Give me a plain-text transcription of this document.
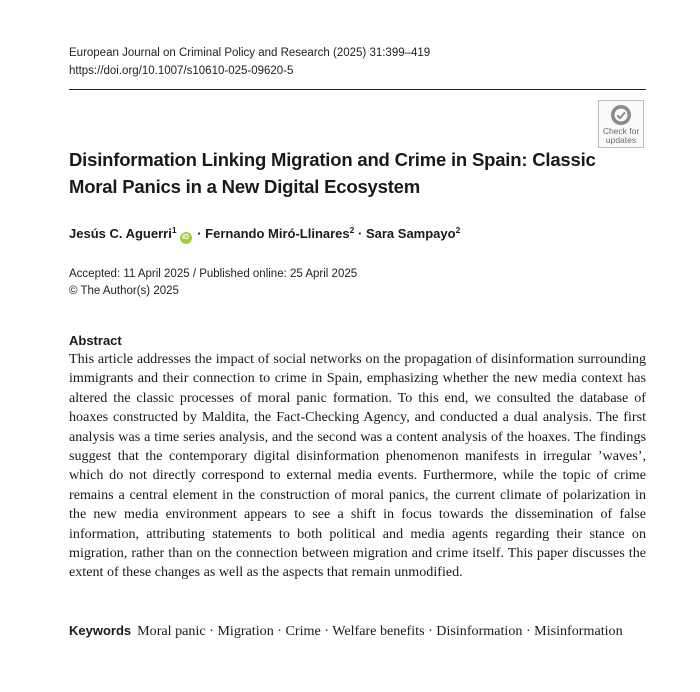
European Journal on Criminal Policy and Research (2025) 31:399–419
https://doi.org/10.1007/s10610-025-09620-5
Check for
updates
Disinformation Linking Migration and Crime in Spain: Classic Moral Panics in a New Digital Ecosystem
Jesús C. Aguerri$^1$iD · Fernando Miró-Llinares$^2$ · Sara Sampayo$^2$
Accepted: 11 April 2025 / Published online: 25 April 2025
© The Author(s) 2025
Abstract
This article addresses the impact of social networks on the propagation of disinformation surrounding immigrants and their connection to crime in Spain, emphasizing whether the new media context has altered the classic processes of moral panic formation. To this end, we consulted the database of hoaxes constructed by Maldita, the Fact-Checking Agency, and conducted a dual analysis. The first analysis was a time series analysis, and the second was a content analysis of the hoaxes. The findings suggest that the contemporary digital disinformation phenomenon manifests in irregular ’waves’, which do not directly correspond to external media events. Furthermore, while the topic of crime remains a central element in the construction of moral panics, the current climate of polarization in the new media environment appears to see a shift in focus towards the dissemination of false information, attributing statements to both political and media agents regarding their stance on migration, rather than on the connection between migration and crime itself. This paper discusses the extent of these changes as well as the aspects that remain unmodified.
Keywords Moral panic · Migration · Crime · Welfare benefits · Disinformation · Misinformation
